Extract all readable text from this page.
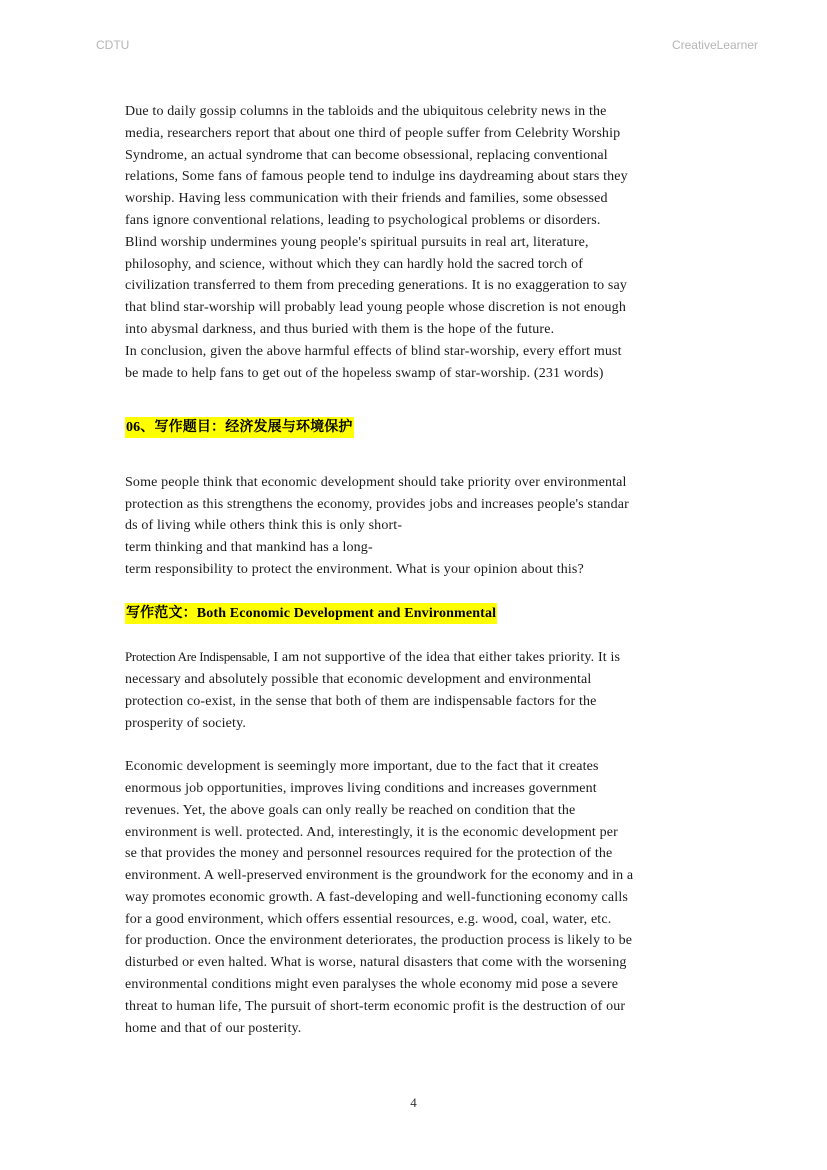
CDTU	CreativeLearner
Due to daily gossip columns in the tabloids and the ubiquitous celebrity news in the
media, researchers report that about one third of people suffer from Celebrity Worship
Syndrome, an actual syndrome that can become obsessional, replacing conventional
relations, Some fans of famous people tend to indulge ins daydreaming about stars they
worship. Having less communication with their friends and families, some obsessed
fans ignore conventional relations, leading to psychological problems or disorders.
Blind worship undermines young people's spiritual pursuits in real art, literature,
philosophy, and science, without which they can hardly hold the sacred torch of
civilization transferred to them from preceding generations. It is no exaggeration to say
that blind star-worship will probably lead young people whose discretion is not enough
into abysmal darkness, and thus buried with them is the hope of the future.
In conclusion, given the above harmful effects of blind star-worship, every effort must
be made to help fans to get out of the hopeless swamp of star-worship. (231 words)
06、写作题目：经济发展与环境保护
Some people think that economic development should take priority over environmental
protection as this strengthens the economy, provides jobs and increases people's standar
ds of living while others think this is only short-
term thinking and that mankind has a long-
term responsibility to protect the environment. What is your opinion about this?
写作范文：Both Economic Development and Environmental
Protection Are Indispensable, I am not supportive of the idea that either takes priority. It is
necessary and absolutely possible that economic development and environmental
protection co-exist, in the sense that both of them are indispensable factors for the
prosperity of society.
Economic development is seemingly more important, due to the fact that it creates
enormous job opportunities, improves living conditions and increases government
revenues. Yet, the above goals can only really be reached on condition that the
environment is well. protected. And, interestingly, it is the economic development per
se that provides the money and personnel resources required for the protection of the
environment. A well-preserved environment is the groundwork for the economy and in a
way promotes economic growth. A fast-developing and well-functioning economy calls
for a good environment, which offers essential resources, e.g. wood, coal, water, etc.
for production. Once the environment deteriorates, the production process is likely to be
disturbed or even halted. What is worse, natural disasters that come with the worsening
environmental conditions might even paralyses the whole economy mid pose a severe
threat to human life, The pursuit of short-term economic profit is the destruction of our
home and that of our posterity.
4
